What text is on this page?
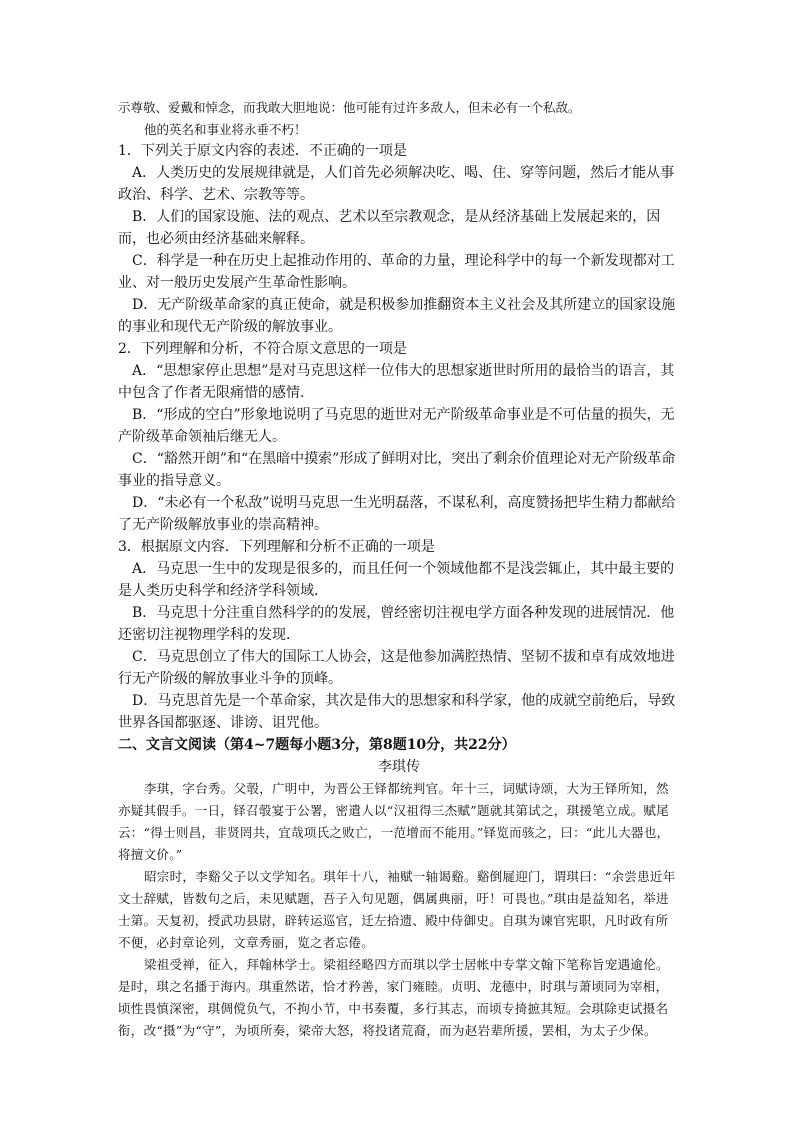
示尊敬、爱戴和悼念，而我敢大胆地说：他可能有过许多敌人，但未必有一个私敌。

他的英名和事业将永垂不朽！

1．下列关于原文内容的表述．不正确的一项是

A．人类历史的发展规律就是，人们首先必须解决吃、喝、住、穿等问题，然后才能从事政治、科学、艺术、宗教等等。

B．人们的国家设施、法的观点、艺术以至宗教观念，是从经济基础上发展起来的，因而，也必须由经济基础来解释。

C．科学是一种在历史上起推动作用的、革命的力量，理论科学中的每一个新发现都对工业、对一般历史发展产生革命性影响。

D．无产阶级革命家的真正使命，就是积极参加推翻资本主义社会及其所建立的国家设施的事业和现代无产阶级的解放事业。

2．下列理解和分析，不符合原文意思的一项是

A．“思想家停止思想”是对马克思这样一位伟大的思想家逝世时所用的最恰当的语言，其中包含了作者无限痛惜的感情．

B．“形成的空白”形象地说明了马克思的逝世对无产阶级革命事业是不可估量的损失，无产阶级革命领袖后继无人。

C．“豁然开朗”和“在黑暗中摸索”形成了鲜明对比，突出了剩余价值理论对无产阶级革命事业的指导意义。

D．“未必有一个私敌”说明马克思一生光明磊落，不谋私利，高度赞扬把毕生精力都献给了无产阶级解放事业的崇高精神。

3．根据原文内容．下列理解和分析不正确的一项是

A．马克思一生中的发现是很多的，而且任何一个领域他都不是浅尝辄止，其中最主要的是人类历史科学和经济学科领域．

B．马克思十分注重自然科学的的发展，曾经密切注视电学方面各种发现的进展情况．他还密切注视物理学科的发现．

C．马克思创立了伟大的国际工人协会，这是他参加满腔热情、坚韧不拔和卓有成效地进行无产阶级的解放事业斗争的顶峰。

D．马克思首先是一个革命家，其次是伟大的思想家和科学家，他的成就空前绝后，导致世界各国都驱逐、诽谤、诅咒他。

二、文言文阅读（第4~7题每小题3分，第8题10分，共22分）

李琪传

李琪，字台秀。父彀，广明中，为晋公王铎都统判官。年十三，词赋诗颂，大为王铎所知，然亦疑其假手。一日，铎召彀宴于公署，密遣人以“汉祖得三杰赋”题就其第试之，琪援笔立成。赋尾云：“得士则昌，非贤罔共，宜哉项氏之败亡，一范增而不能用。”铎览而骇之，曰：“此儿大器也，将擅文价。”

昭宗时，李谿父子以文学知名。琪年十八，袖赋一轴谒谿。谿倒屣迎门，谓琪曰：“余尝患近年文士辞赋，皆数句之后，未见赋题，吾子入句见题，偶属典丽，吁！可畏也。”琪由是益知名，举进士第。天复初，授武功县尉，辟转运巡官，迁左拾遗、殿中侍御史。自琪为谏官宪职，凡时政有所不便，必封章论列，文章秀丽，览之者忘倦。

梁祖受禅，征入，拜翰林学士。梁祖经略四方而琪以学士居帐中专掌文翰下笔称旨宠遇逾伦。是时，琪之名播于海内。琪重然诺，恰才矜善，家门雍睦。贞明、龙德中，时琪与萧顷同为宰相，顷性畏慎深密，琪倜傥负气，不拘小节，中书奏覆，多行其志，而顷专掎摭其短。会琪除吏试摄名衔，改“摄”为“守”，为顷所奏，梁帝大怒，将投诸荒裔，而为赵岩辈所援，罢相，为太子少保。
